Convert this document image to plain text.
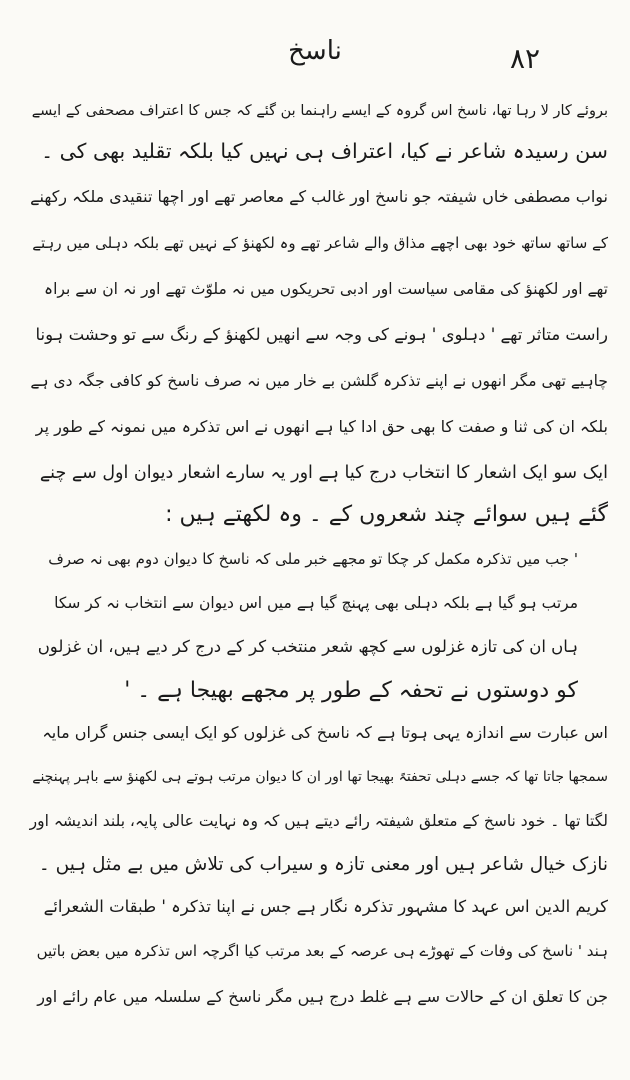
ناسخ	۸۲
بروئے کار لا رہا تھا، ناسخ اس گروہ کے ایسے راہنما بن گئے کہ جس کا اعتراف مصحفی کے ایسے
سن رسیدہ شاعر نے کیا، اعتراف ہی نہیں کیا بلکہ تقلید بھی کی ۔
نواب مصطفی خاں شیفتہ جو ناسخ اور غالب کے معاصر تھے اور اچھا تنقیدی ملکہ رکھنے
کے ساتھ ساتھ خود بھی اچھے مذاق والے شاعر تھے وہ لکھنؤ کے نہیں تھے بلکہ دہلی میں رہتے
تھے اور لکھنؤ کی مقامی سیاست اور ادبی تحریکوں میں نہ ملوّث تھے اور نہ ان سے براہ
راست متاثر تھے ' دہلوی ' ہونے کی وجہ سے انھیں لکھنؤ کے رنگ سے تو وحشت ہونا
چاہیے تھی مگر انھوں نے اپنے تذکرہ گلشن بے خار میں نہ صرف ناسخ کو کافی جگہ دی ہے
بلکہ ان کی ثنا و صفت کا بھی حق ادا کیا ہے انھوں نے اس تذکرہ میں نمونہ کے طور پر
ایک سو ایک اشعار کا انتخاب درج کیا ہے اور یہ سارے اشعار دیوان اول سے چنے
گئے ہیں سوائے چند شعروں کے ۔ وہ لکھتے ہیں :
' جب میں تذکرہ مکمل کر چکا تو مجھے خبر ملی کہ ناسخ کا دیوان دوم بھی نہ صرف
مرتب ہو گیا ہے بلکہ دہلی بھی پہنچ گیا ہے میں اس دیوان سے انتخاب نہ کر سکا
ہاں ان کی تازہ غزلوں سے کچھ شعر منتخب کر کے درج کر دیے ہیں، ان غزلوں
کو دوستوں نے تحفہ کے طور پر مجھے بھیجا ہے ۔ '
اس عبارت سے اندازہ یہی ہوتا ہے کہ ناسخ کی غزلوں کو ایک ایسی جنس گراں مایہ
سمجھا جاتا تھا کہ جسے دہلی تحفتہً بھیجا تھا اور ان کا دیوان مرتب ہوتے ہی لکھنؤ سے باہر پہنچنے
لگتا تھا ۔ خود ناسخ کے متعلق شیفتہ رائے دیتے ہیں کہ وہ نہایت عالی پایہ، بلند اندیشہ اور
نازک خیال شاعر ہیں اور معنی تازہ و سیراب کی تلاش میں بے مثل ہیں ۔
کریم الدین اس عہد کا مشہور تذکرہ نگار ہے جس نے اپنا تذکرہ ' طبقات الشعرائے
ہند ' ناسخ کی وفات کے تھوڑے ہی عرصہ کے بعد مرتب کیا اگرچہ اس تذکرہ میں بعض باتیں
جن کا تعلق ان کے حالات سے ہے غلط درج ہیں مگر ناسخ کے سلسلہ میں عام رائے اور
